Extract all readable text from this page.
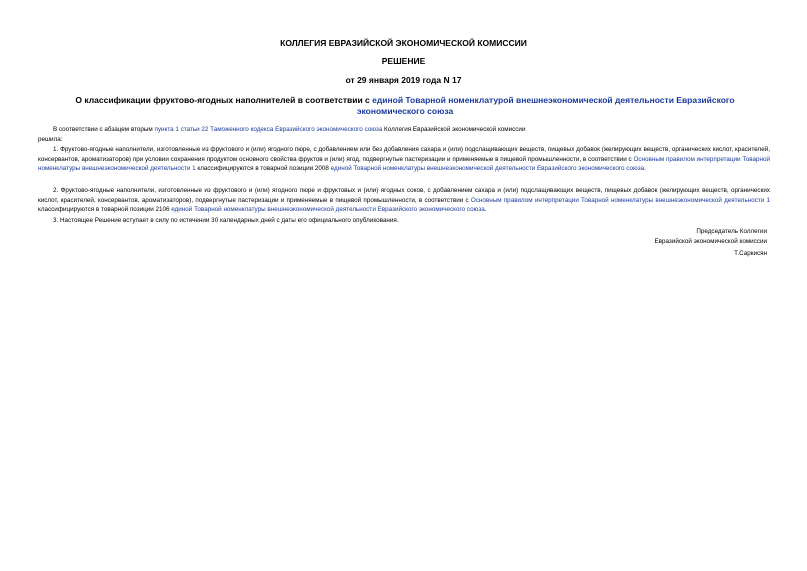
КОЛЛЕГИЯ ЕВРАЗИЙСКОЙ ЭКОНОМИЧЕСКОЙ КОМИССИИ

РЕШЕНИЕ

от 29 января 2019 года N 17

О классификации фруктово-ягодных наполнителей в соответствии с единой Товарной номенклатурой внешнеэкономической деятельности Евразийского экономического союза

В соответствии с абзацем вторым пункта 1 статьи 22 Таможенного кодекса Евразийского экономического союза Коллегия Евразийской экономической комиссии

решила:

1. Фруктово-ягодные наполнители, изготовленные из фруктового и (или) ягодного пюре, с добавлением или без добавления сахара и (или) подслащивающих веществ, пищевых добавок (желирующих веществ, органических кислот, красителей, консервантов, ароматизаторов) при условии сохранения продуктом основного свойства фруктов и (или) ягод, подвергнутые пастеризации и применяемые в пищевой промышленности, в соответствии с Основным правилом интерпретации Товарной номенклатуры внешнеэкономической деятельности 1 классифицируются в товарной позиции 2008 единой Товарной номенклатуры внешнеэкономической деятельности Евразийского экономического союза.

2. Фруктово-ягодные наполнители, изготовленные из фруктового и (или) ягодного пюре и фруктовых и (или) ягодных соков, с добавлением сахара и (или) подслащивающих веществ, пищевых добавок (желирующих веществ, органических кислот, красителей, консервантов, ароматизаторов), подвергнутые пастеризации и применяемые в пищевой промышленности, в соответствии с Основным правилом интерпретации Товарной номенклатуры внешнеэкономической деятельности 1 классифицируются в товарной позиции 2106 единой Товарной номенклатуры внешнеэкономической деятельности Евразийского экономического союза.

3. Настоящее Решение вступает в силу по истечении 30 календарных дней с даты его официального опубликования.

Председатель Коллегии

Евразийской экономической комиссии

Т.Саркисян
